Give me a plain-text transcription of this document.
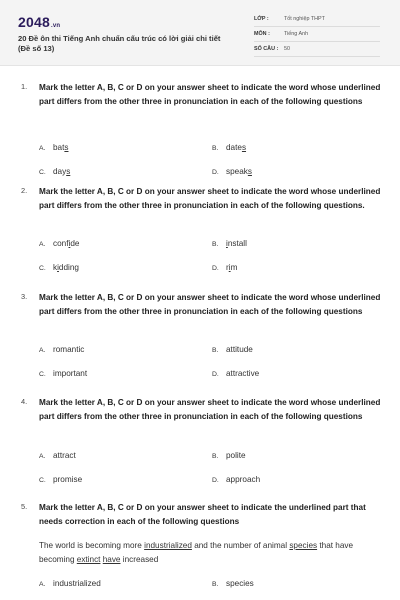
2048.vn
20 Đề ôn thi Tiếng Anh chuẩn cấu trúc có lời giải chi tiết (Đề số 13)
LỚP :	Tốt nghiệp THPT
MÔN :	Tiếng Anh
SỐ CÂU : 50
1. Mark the letter A, B, C or D on your answer sheet to indicate the word whose underlined part differs from the other three in pronunciation in each of the following questions
A. bats	B. dates
C. days	D. speaks
2. Mark the letter A, B, C or D on your answer sheet to indicate the word whose underlined part differs from the other three in pronunciation in each of the following questions.
A. confide	B. install
C. kidding	D. rim
3. Mark the letter A, B, C or D on your answer sheet to indicate the word whose underlined part differs from the other three in pronunciation in each of the following questions
A. romantic	B. attitude
C. important	D. attractive
4. Mark the letter A, B, C or D on your answer sheet to indicate the word whose underlined part differs from the other three in pronunciation in each of the following questions
A. attract	B. polite
C. promise	D. approach
5. Mark the letter A, B, C or D on your answer sheet to indicate the underlined part that needs correction in each of the following questions
The world is becoming more industrialized and the number of animal species that have becoming extinct have increased
A. industrialized	B. species
